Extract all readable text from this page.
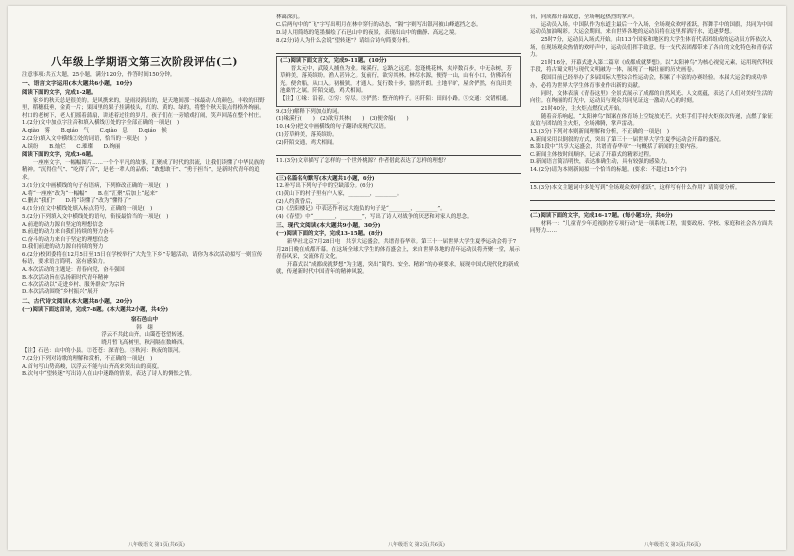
八年级上学期语文第三次阶段评估(二)

注意事项:共五大题，25小题，满分120分，作答时间150分钟。

一、语言文字运用(本大题共6小题，10分)

阅读下面的文字，完成1-2题。

家乡的秋天总是很美的。是风携来的，是雨浸润出的，是天地间那一抹最动人的颜色。丰收的田野里，稻穗低垂，金黄一片；果园里的果子挂满枝头，红的、黄的、绿的，将整个秋天装点得格外绚丽。村口的老树下，老人们摇着蒲扇，讲述着过往的岁月，孩子们在一旁嬉戏打闹，笑声回荡在整个村庄。

1.(2分)文中加点字注音和填入横线①处的字全部正确的一项是(　)

A.qiào　雾　　B.qiáo　气　　C.qiào　息　　D.qiáo　候

2.(2分)填入文中横线②处的词语，恰当的一项是(　)

A.缤纷　　B.灿烂　　C.璀璨　　D.绚丽

阅读下面的文字，完成3-6题。

一座座文字，一幅幅图片……一个个平凡的故事，汇聚成了时代的洪流，让我们读懂了中华民族的精神。“沉得住气”、“吃得了苦”，是老一辈人的品格；“敢想敢干”、“勇于担当”，是新时代青年的追求。

3.(1分)文中画横线的句子有语病，下列修改正确的一项是(　)

A.将“一座座”改为“一幅幅”　　B.在“汇聚”后加上“起来”
C.删去“我们”　　D.将“读懂了”改为“懂得了”

4.(1分)在文中横线处填入标点符号，正确的一项是(　)

5.(2分)下列填入文中横线处的语句，衔接最恰当的一项是(　)

A.前进的动力源自坚定的理想信念
B.前进的动力来自我们持续的努力奋斗
C.奋斗的动力来自于坚定的理想信念
D.我们前进的动力源自持续的努力

6.(2分)校团委将在12月5日至15日在学校举行“大先生下乡”专题活动，请你为本次活动拟写一则宣传标语，要求语言简明、富有感染力。

A.本次活动的主题是：青春向党，奋斗强国
B.本次活动旨在弘扬新时代青年精神
C.本次活动以“走进乡村、服务群众”为宗旨
D.本次活动围绕“乡村振兴”展开

二、古代诗文阅读(本大题共8小题，20分)

(一)阅读下面这首诗，完成7-8题。(本大题共2小题，共4分)

宿石邑山中

韩　翃

浮云不共此山齐，山霭苍苍望转迷。

晓月暂飞高树里，秋河隔在数峰西。

【注】石邑：山中的小县。②苍苍：深青色。③秋河：秋夜的银河。

7.(2分)下列对诗歌的理解和赏析，不正确的一项是(　)

A.首句写山势高峻，以浮云不能与山齐高来突出山的高度。
B.次句中“望转迷”写出诗人在山中迷路的情景，表达了诗人的惆怅之情。

林霭深沉。

C.后两句中的“飞”字写出明月在林中穿行的动态，“隔”字则写出银河被山峰遮挡之态。

D.诗人用简练的笔墨描绘了石邑山中的夜景，表现出山中的幽静、高远之境。

8.(2分)诗人为什么会说“望转迷”？请结合诗句简要分析。

(二)阅读下面文言文，完成9-11题。(10分)

晋太元中，武陵人捕鱼为业。缘溪行，忘路之远近。忽逢桃花林，夹岸数百步，中无杂树，芳草鲜美，落英缤纷。渔人甚异之。复前行，欲穷其林。林尽水源，便得一山，山有小口，仿佛若有光。便舍船，从口入。初极狭，才通人。复行数十步，豁然开朗。土地平旷，屋舍俨然，有良田美池桑竹之属。阡陌交通，鸡犬相闻。

【注】①缘：沿着。②穷：穷尽。③俨然：整齐的样子。④阡陌：田间小路。⑤交通：交错相通。

9.(3分)解释下列加点的词。

(1)缘溪行(　　)　(2)欲穷其林(　　)　(3)便舍船(　　)

10.(4分)把文中画横线的句子翻译成现代汉语。

(1)芳草鲜美，落英缤纷。
(2)阡陌交通，鸡犬相闻。

11.(3分)文章描写了怎样的一个世外桃源？作者借此表达了怎样的理想？

(三)名篇名句默写(本大题共1小题，6分)

12.补写出下列句子中的空缺部分。(6分)

(1)黄山下的村子里有户人家，________，________。
(2)人约黄昏后，________。
(3)《岳阳楼记》中表达作者远大抱负的句子是“________，________”。
(4)《春望》中“________，________”，写出了诗人对战争的厌恶和对家人的思念。

三、现代文阅读(本大题共9小题，30分)

(一)阅读下面的文字，完成13-15题。(8分)

新华社北京7月28日电　共享大运盛会，共谱青春华章。第三十一届世界大学生夏季运动会将于7月28日晚在成都开幕。在这场全球大学生的体育盛会上，来自世界各地的青年运动员将齐聚一堂，展示青春风采，交流体育文化。

开幕式以“成都成就梦想”为主题，突出“简约、安全、精彩”的办赛要求，展现中国式现代化的新成就，传递新时代中国青年的精神风貌。

台，向成都开幕致意，全场响起热烈的掌声。

运动员入场。中国队作为东道主最后一个入场，全场观众欢呼雀跃，挥舞手中的国旗，共同为中国运动员加油喝彩。大运会期间，来自世界各地的运动员将在这里挥洒汗水，追逐梦想。

25时7分，运动员入场式开始。由113个国家和地区的大学生体育代表团组成的运动员方阵依次入场，在现场观众热情的欢呼声中，运动员们挥手致意。每一支代表团都带来了各自的文化特色和青春活力。

21时16分，开幕式进入第二篇章《成都成就梦想》。以“太阳神鸟”为核心视觉元素，运用现代科技手段，将古蜀文明与现代文明融为一体，展现了一幅壮丽的历史画卷。

我国目前已经举办了多届国际大型综合性运动会，积累了丰富的办赛经验。本届大运会的成功举办，必将为世界大学生体育事业作出新的贡献。

同时，文体表演《青春这里》全景式展示了成都的自然风光、人文底蕴，表达了人们对美好生活的向往。在绚丽的灯光中，运动员与观众共同见证这一激动人心的时刻。

21时40分，主火炬点燃仪式开始。

随着音乐响起，“太阳神鸟”图案在体育场上空绽放光芒。火炬手们手持火炬依次传递，点燃了象征友谊与团结的主火炬，全场沸腾，掌声雷动。

13.(3分)下列对本则新闻理解和分析，不正确的一项是(　)

A.新闻采用以倒叙的方式，突出了第三十一届世界大学生夏季运动会开幕的盛况。
B.第1段中“共享大运盛会，共谱青春华章”一句概括了新闻的主要内容。
C.新闻主体按时间顺序，记录了开幕式的精彩过程。
D.新闻语言简洁明快，表达准确生动，具有较强的感染力。

14.(2分)请为本则新闻拟一个恰当的标题。(要求：不超过15个字)

15.(3分)本文主题词中多处写到“全场观众欢呼雀跃”，这样写有什么作用？请简要分析。

(二)阅读下面的文字，完成16-17题。(每小题3分，共6分)

材料一：“儿童青少年近视防控专项行动”是一项系统工程，需要政府、学校、家庭和社会各方面共同努力……

八年级语文 第1页(共6页)	八年级语文 第2页(共6页)	八年级语文 第3页(共6页)
